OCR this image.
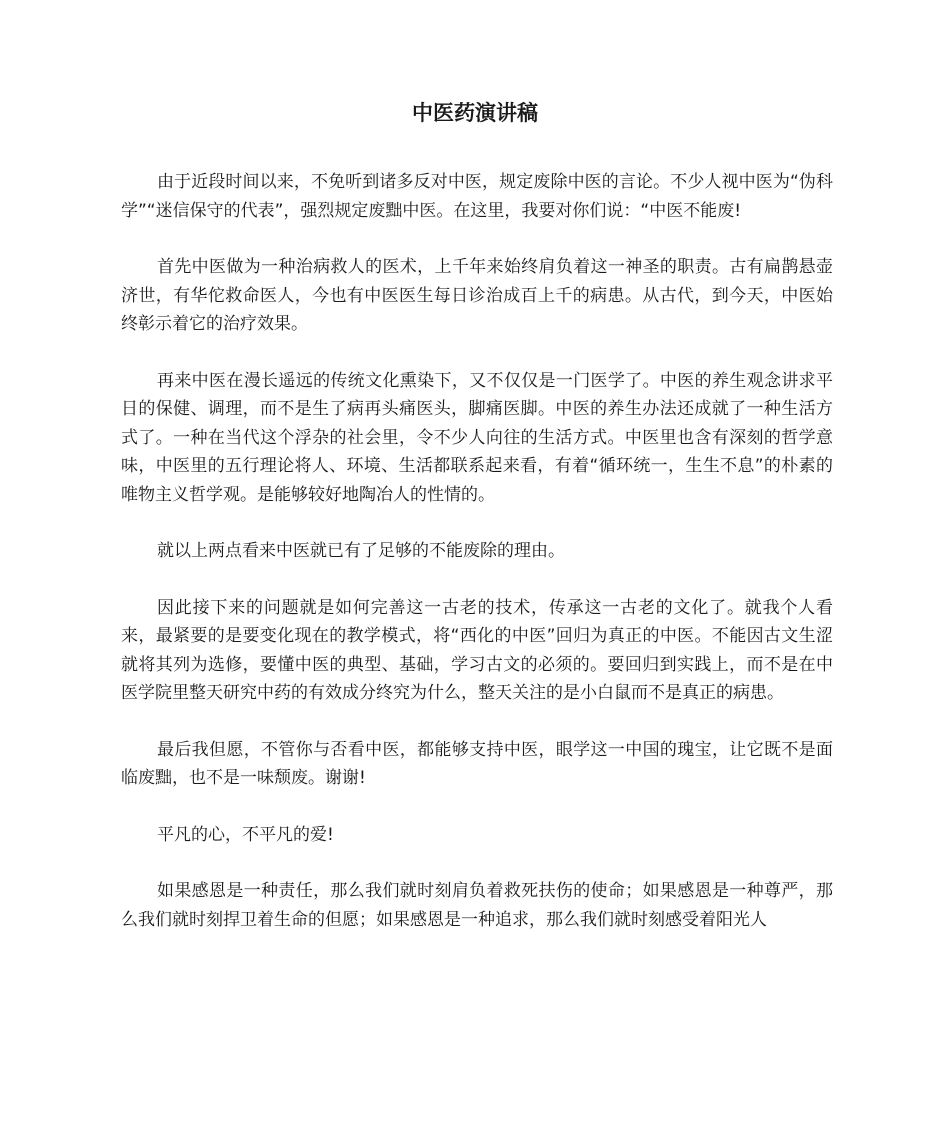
中医药演讲稿

由于近段时间以来，不免听到诸多反对中医，规定废除中医的言论。不少人视中医为“伪科学”“迷信保守的代表”，强烈规定废黜中医。在这里，我要对你们说：“中医不能废!

首先中医做为一种治病救人的医术，上千年来始终肩负着这一神圣的职责。古有扁鹊悬壶济世，有华佗救命医人，今也有中医医生每日诊治成百上千的病患。从古代，到今天，中医始终彰示着它的治疗效果。

再来中医在漫长遥远的传统文化熏染下，又不仅仅是一门医学了。中医的养生观念讲求平日的保健、调理，而不是生了病再头痛医头，脚痛医脚。中医的养生办法还成就了一种生活方式了。一种在当代这个浮杂的社会里，令不少人向往的生活方式。中医里也含有深刻的哲学意味，中医里的五行理论将人、环境、生活都联系起来看，有着“循环统一，生生不息”的朴素的唯物主义哲学观。是能够较好地陶冶人的性情的。

就以上两点看来中医就已有了足够的不能废除的理由。

因此接下来的问题就是如何完善这一古老的技术，传承这一古老的文化了。就我个人看来，最紧要的是要变化现在的教学模式，将“西化的中医”回归为真正的中医。不能因古文生涩就将其列为选修，要懂中医的典型、基础，学习古文的必须的。要回归到实践上，而不是在中医学院里整天研究中药的有效成分终究为什么，整天关注的是小白鼠而不是真正的病患。

最后我但愿，不管你与否看中医，都能够支持中医，眼学这一中国的瑰宝，让它既不是面临废黜，也不是一味颓废。谢谢!

平凡的心，不平凡的爱!

如果感恩是一种责任，那么我们就时刻肩负着救死扶伤的使命；如果感恩是一种尊严，那么我们就时刻捍卫着生命的但愿；如果感恩是一种追求，那么我们就时刻感受着阳光人
